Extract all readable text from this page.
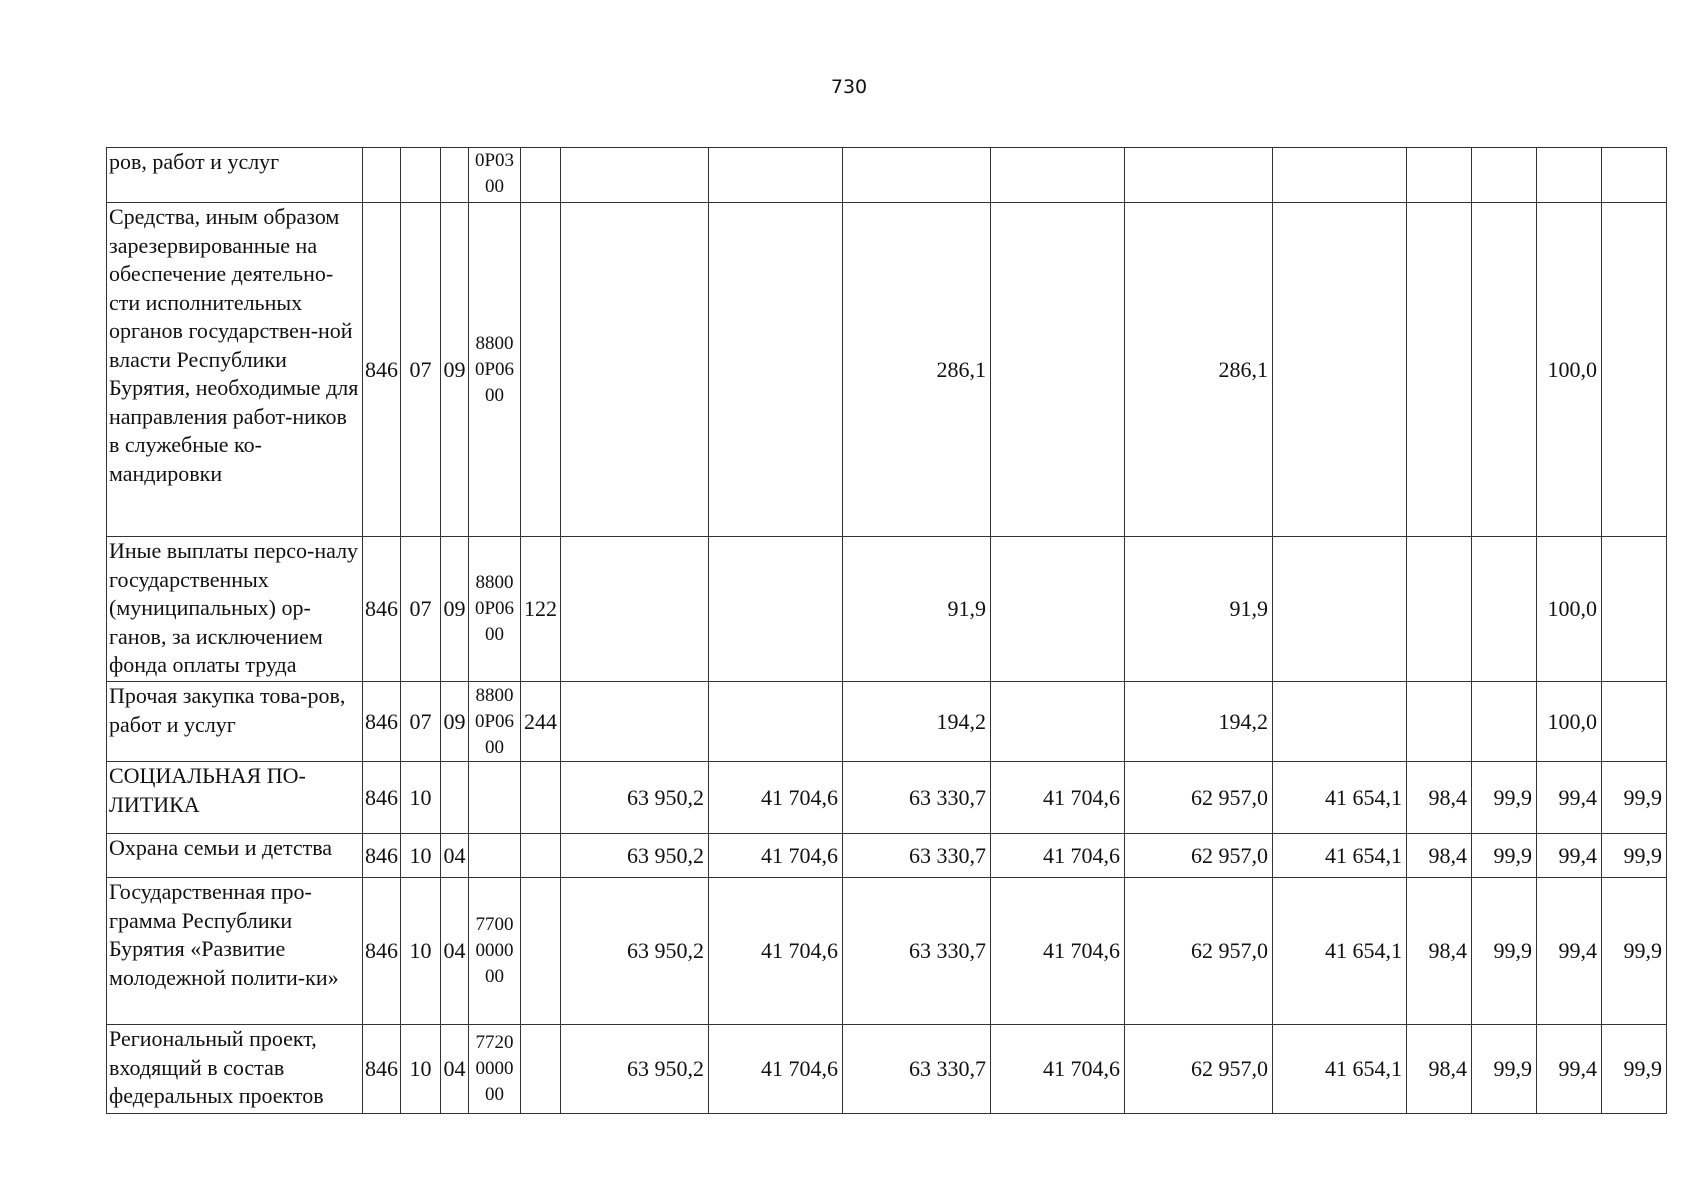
730
ров, работ и услуг				0Р03 00											
Средства, иным образом зарезервированные на обеспечение деятельно-сти исполнительных органов государствен-ной власти Республики Бурятия, необходимые для направления работ-ников в служебные ко-мандировки	846	07	09	8800 0Р06 00				286,1		286,1				100,0	
Иные выплаты персо-налу государственных (муниципальных) ор-ганов, за исключением фонда оплаты труда	846	07	09	8800 0Р06 00	122			91,9		91,9				100,0	
Прочая закупка това-ров, работ и услуг	846	07	09	8800 0Р06 00	244			194,2		194,2				100,0	
СОЦИАЛЬНАЯ ПО-ЛИТИКА	846	10				63 950,2	41 704,6	63 330,7	41 704,6	62 957,0	41 654,1	98,4	99,9	99,4	99,9
Охрана семьи и детства	846	10	04			63 950,2	41 704,6	63 330,7	41 704,6	62 957,0	41 654,1	98,4	99,9	99,4	99,9
Государственная про-грамма Республики Бурятия «Развитие молодежной полити-ки»	846	10	04	7700 0000 00		63 950,2	41 704,6	63 330,7	41 704,6	62 957,0	41 654,1	98,4	99,9	99,4	99,9
Региональный проект, входящий в состав федеральных проектов	846	10	04	7720 0000 00		63 950,2	41 704,6	63 330,7	41 704,6	62 957,0	41 654,1	98,4	99,9	99,4	99,9
